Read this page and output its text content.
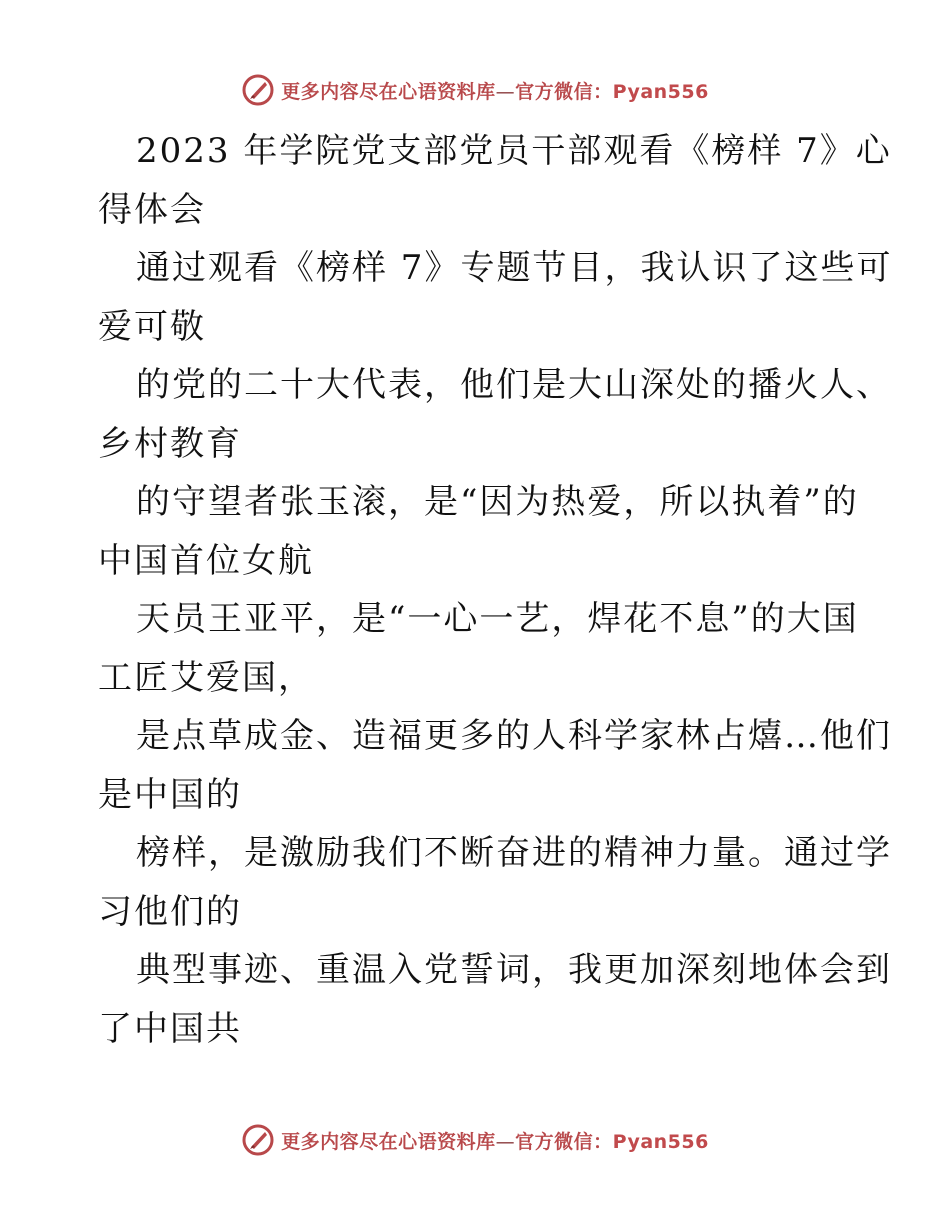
更多内容尽在心语资料库—官方微信：Pyan556
2023 年学院党支部党员干部观看《榜样 7》心
得体会
通过观看《榜样 7》专题节目，我认识了这些可
爱可敬
的党的二十大代表，他们是大山深处的播火人、
乡村教育
的守望者张玉滚，是“因为热爱，所以执着”的
中国首位女航
天员王亚平，是“一心一艺，焊花不息”的大国
工匠艾爱国，
是点草成金、造福更多的人科学家林占熺…他们
是中国的
榜样，是激励我们不断奋进的精神力量。通过学
习他们的
典型事迹、重温入党誓词，我更加深刻地体会到
了中国共
更多内容尽在心语资料库—官方微信：Pyan556
